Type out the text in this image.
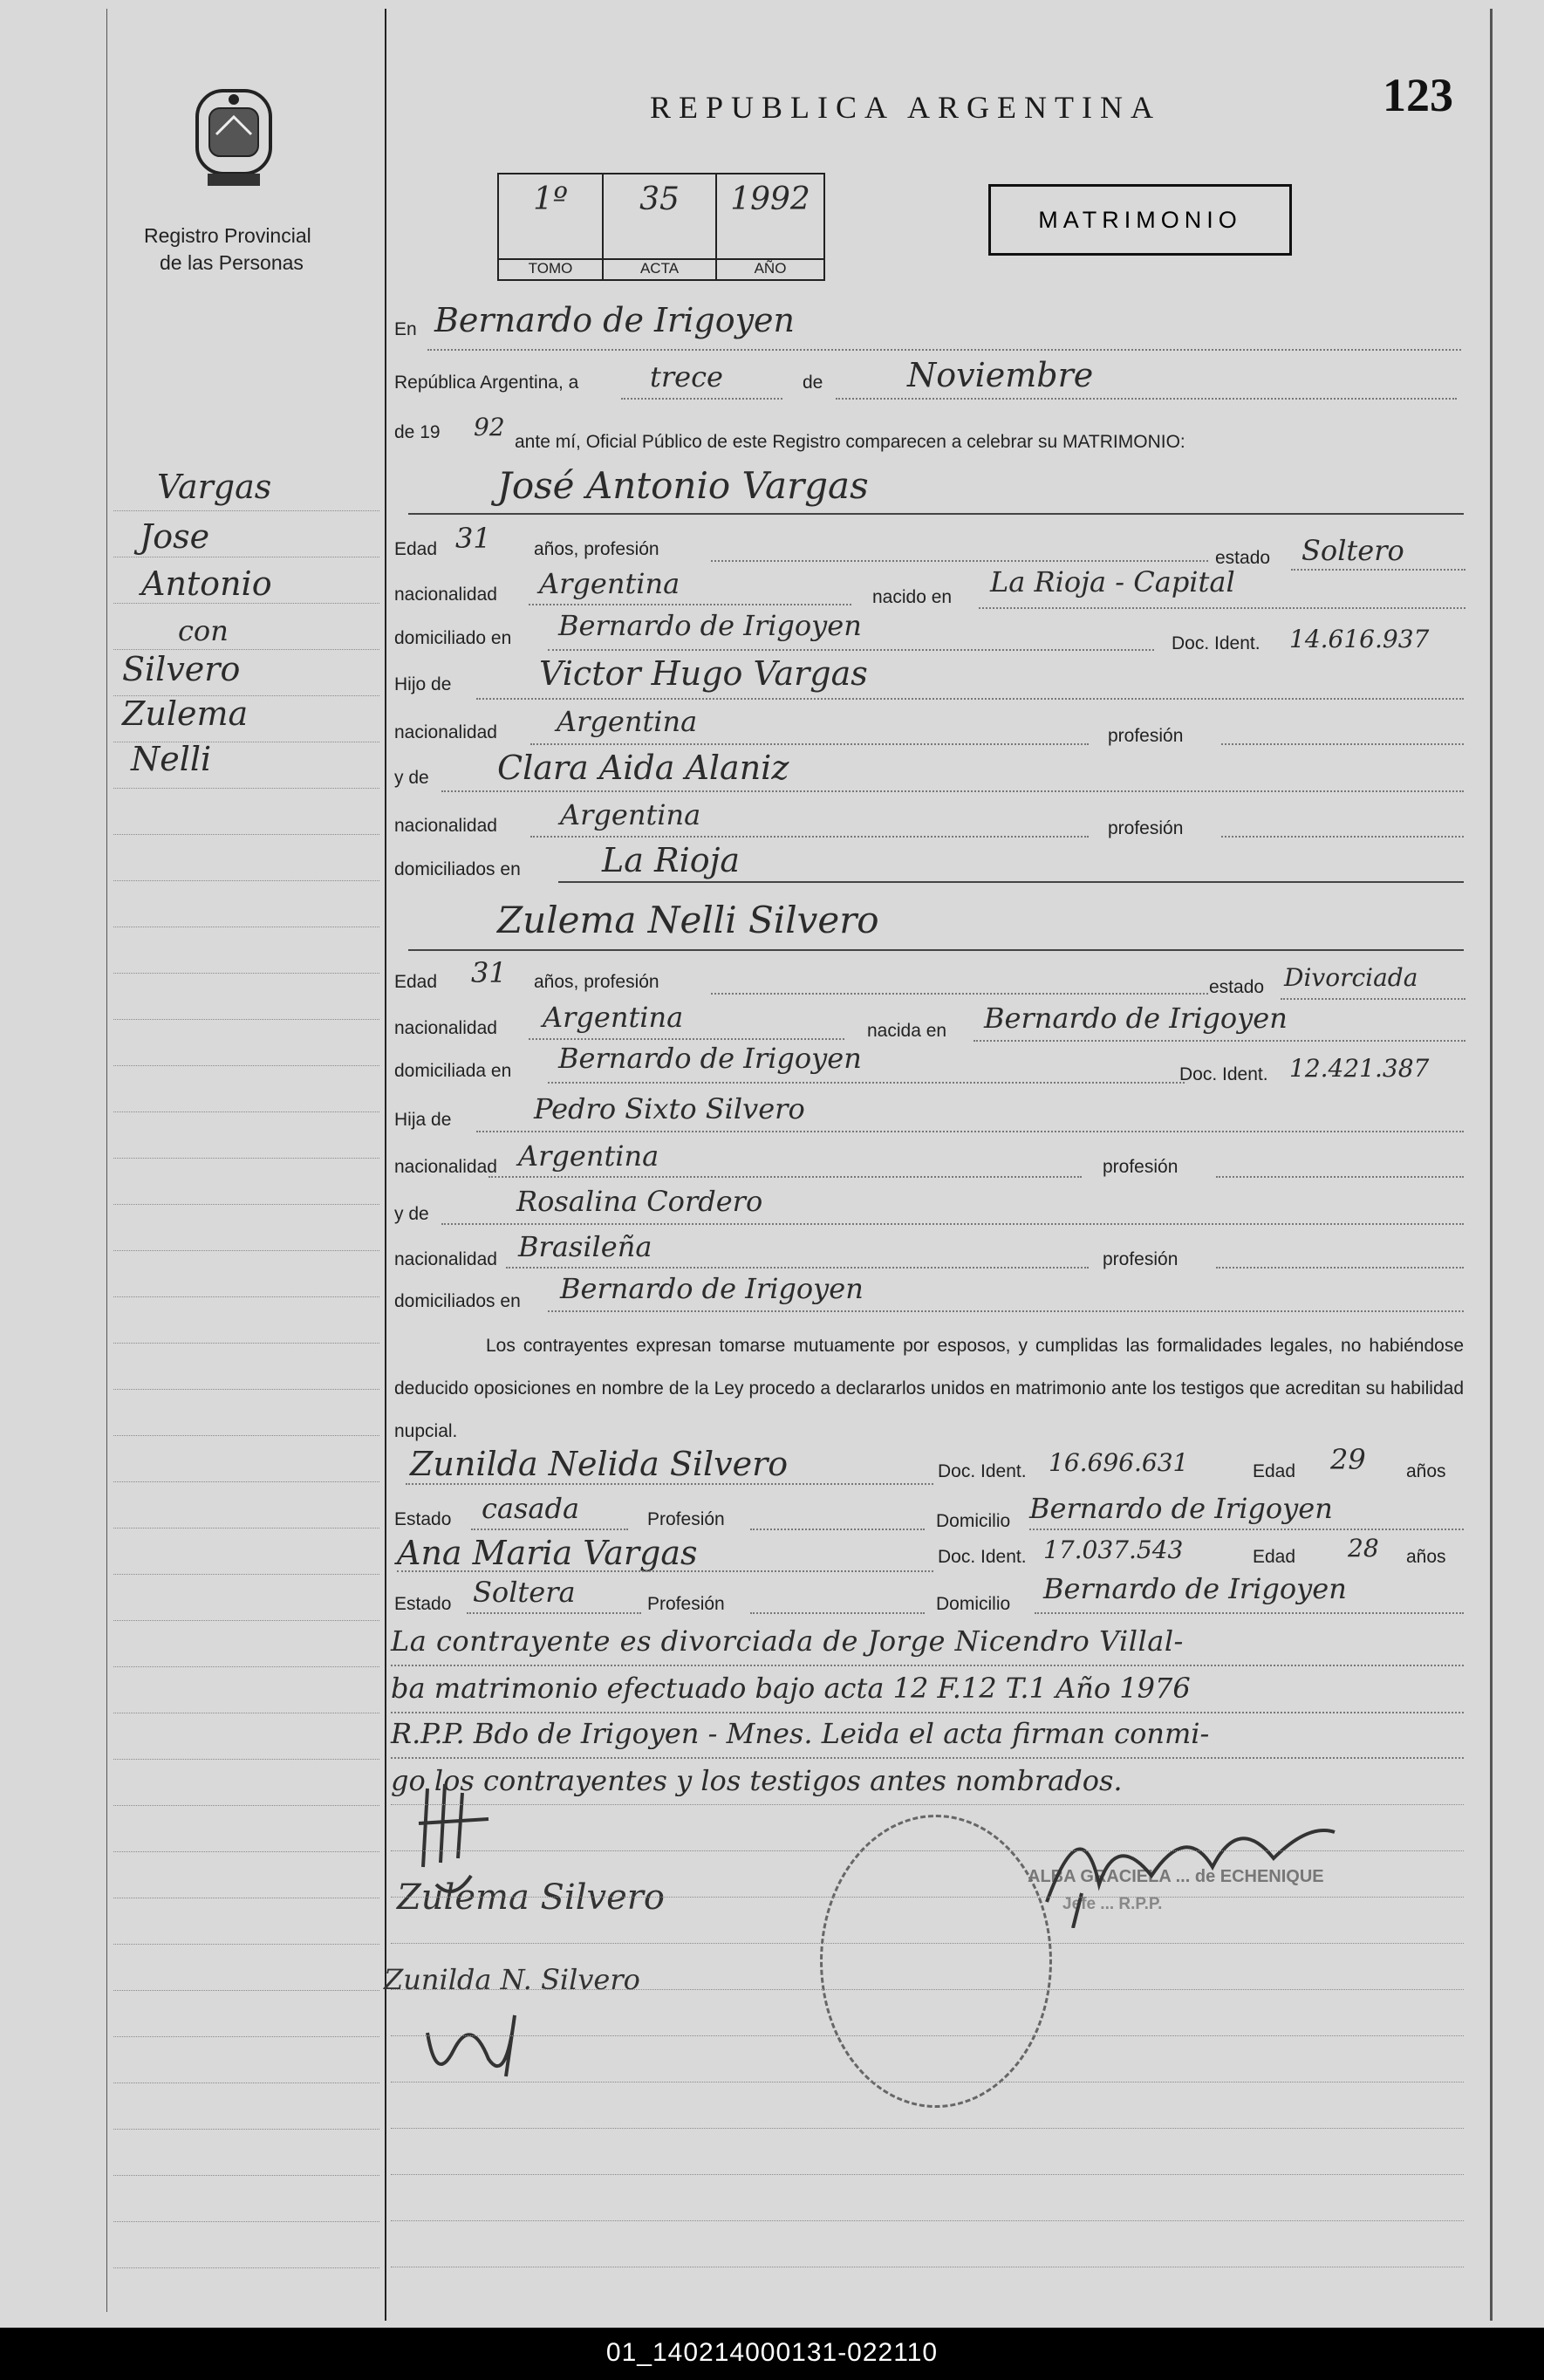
Registro Provincial
de las Personas
REPUBLICA ARGENTINA	123
1º
TOMO
35
ACTA
1992
AÑO
MATRIMONIO
Vargas
Jose
Antonio
con
Silvero
Zulema
Nelli
En Bernardo de Irigoyen
República Argentina, a	trece	de	Noviembre
de 19 92
ante mí, Oficial Público de este Registro comparecen a celebrar su MATRIMONIO:
José Antonio Vargas
Edad 31 años, profesión	estado Soltero
nacionalidad Argentina	nacido en La Rioja - Capital
domiciliado en Bernardo de Irigoyen
Doc. Ident. 14.616.937
Hijo de	Victor Hugo Vargas
nacionalidad Argentina	profesión
y de Clara Aida Alaniz
nacionalidad Argentina	profesión
domiciliados en La Rioja
Zulema Nelli Silvero
Edad 31 años, profesión	estado Divorciada
nacionalidad Argentina	nacida en Bernardo de Irigoyen
domiciliada en Bernardo de Irigoyen	Doc. Ident. 12.421.387
Hija de	Pedro Sixto Silvero
nacionalidad Argentina	profesión
y de	Rosalina Cordero
nacionalidad Brasileña	profesión
domiciliados en Bernardo de Irigoyen
Los contrayentes expresan tomarse mutuamente por esposos, y cumplidas las formalidades legales, no habiéndose deducido oposiciones en nombre de la Ley procedo a declararlos unidos en matrimonio ante los testigos que acreditan su habilidad nupcial.
Zunilda Nelida Silvero	Doc. Ident. 16.696.631	Edad 29 años
Estado casada	Profesión	Domicilio Bernardo de Irigoyen
Ana Maria Vargas	Doc. Ident. 17.037.543	Edad 28 años
Estado Soltera	Profesión	Domicilio Bernardo de Irigoyen
La contrayente es divorciada de Jorge Nicendro Villal-
ba matrimonio efectuado bajo acta 12 F.12 T.1 Año 1976
R.P.P. Bdo de Irigoyen - Mnes. Leida el acta firman conmi-
go los contrayentes y los testigos antes nombrados.
Zulema Silvero
Zunilda N. Silvero
ALBA GRACIELA ... de ECHENIQUE
Jefe ... R.P.P.
01_140214000131-022110
